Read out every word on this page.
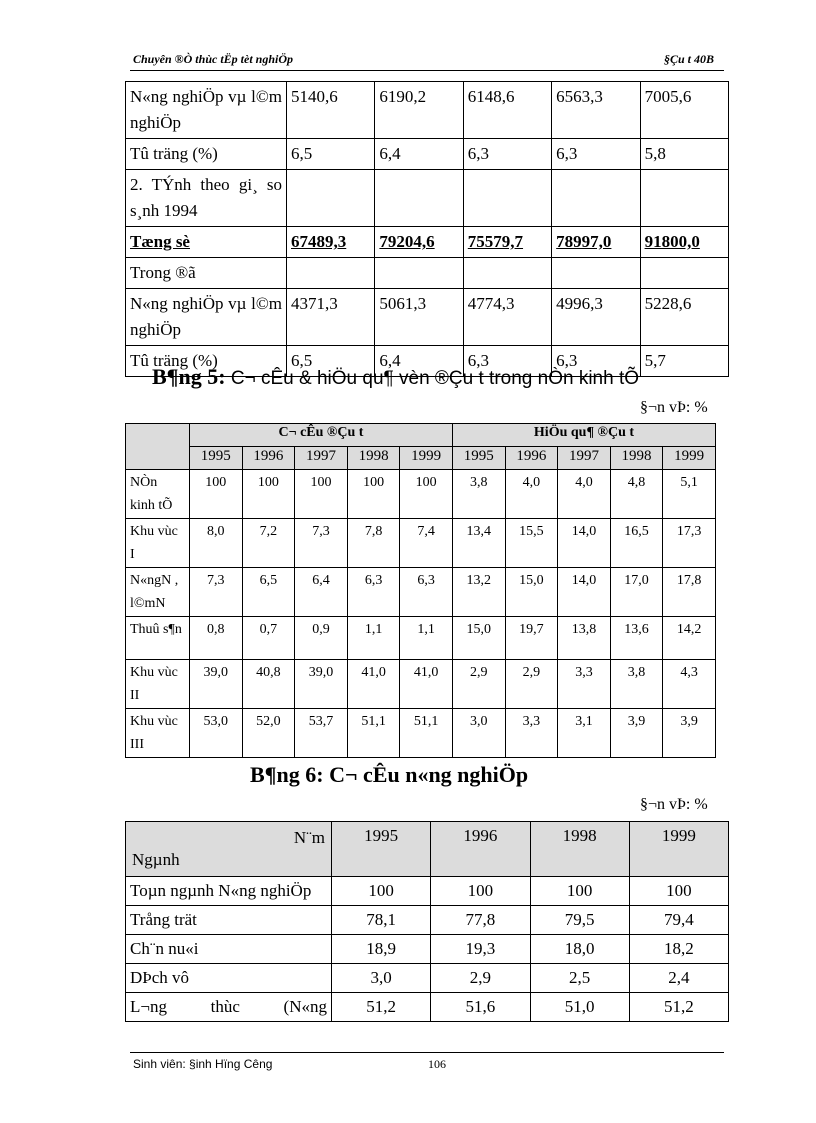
Chuyên ®Ò thùc tËp tèt nghiÖp	§Çu t 40B
N«ng nghiÖp vµ l©m nghiÖp	5140,6	6190,2	6148,6	6563,3	7005,6
Tû träng (%)	6,5	6,4	6,3	6,3	5,8
2. TÝnh theo gi¸ so s¸nh 1994					
Tæng sè	67489,3	79204,6	75579,7	78997,0	91800,0
Trong ®ã					
N«ng nghiÖp vµ l©m nghiÖp	4371,3	5061,3	4774,3	4996,3	5228,6
Tû träng (%)	6,5	6,4	6,3	6,3	5,7
B¶ng 5: C¬ cÊu & hiÖu qu¶ vèn ®Çu t trong nÒn kinh tÕ
§¬n vÞ: %
	C¬ cÊu ®Çu t					HiÖu qu¶ ®Çu t				
	1995	1996	1997	1998	1999	1995	1996	1997	1998	1999
NÒn kinh tÕ	100	100	100	100	100	3,8	4,0	4,0	4,8	5,1
Khu vùc I	8,0	7,2	7,3	7,8	7,4	13,4	15,5	14,0	16,5	17,3
N«ngN , l©mN	7,3	6,5	6,4	6,3	6,3	13,2	15,0	14,0	17,0	17,8
Thuû s¶n	0,8	0,7	0,9	1,1	1,1	15,0	19,7	13,8	13,6	14,2
Khu vùc II	39,0	40,8	39,0	41,0	41,0	2,9	2,9	3,3	3,8	4,3
Khu vùc III	53,0	52,0	53,7	51,1	51,1	3,0	3,3	3,1	3,9	3,9
B¶ng 6: C¬ cÊu n«ng nghiÖp
§¬n vÞ: %
N¨m
Ngµnh	1995	1996	1998	1999
Toµn ngµnh N«ng nghiÖp	100	100	100	100
Trång trät	78,1	77,8	79,5	79,4
Ch¨n nu«i	18,9	19,3	18,0	18,2
DÞch vô	3,0	2,9	2,5	2,4
L¬ng thùc (N«ng	51,2	51,6	51,0	51,2
Sinh viên: §inh Hïng Cêng	106
